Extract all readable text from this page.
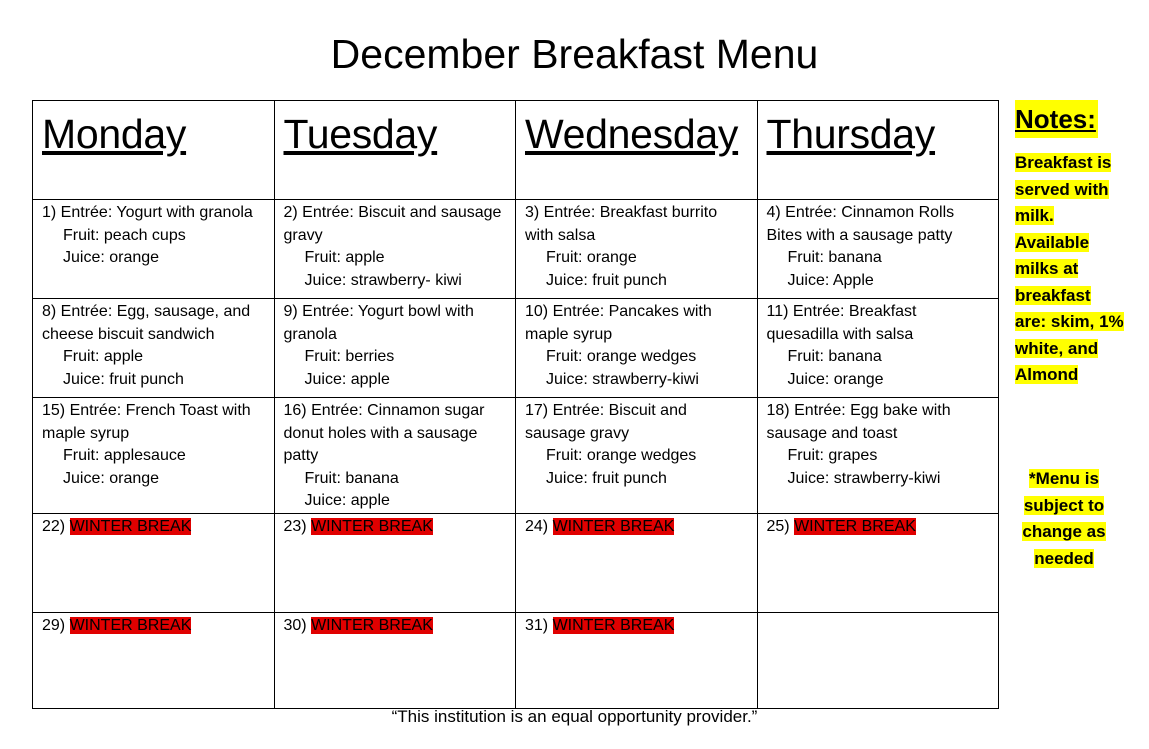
December Breakfast Menu
Monday	Tuesday	Wednesday	Thursday

1) Entrée: Yogurt with granola
Fruit: peach cups
Juice: orange	2) Entrée: Biscuit and sausage gravy
Fruit: apple
Juice: strawberry- kiwi	3) Entrée: Breakfast burrito with salsa
Fruit: orange
Juice: fruit punch	4) Entrée: Cinnamon Rolls Bites with a sausage patty
Fruit: banana
Juice: Apple

8) Entrée: Egg, sausage, and cheese biscuit sandwich
Fruit: apple
Juice: fruit punch	9) Entrée: Yogurt bowl with granola
Fruit: berries
Juice: apple	10) Entrée: Pancakes with maple syrup
Fruit: orange wedges
Juice: strawberry-kiwi	11) Entrée: Breakfast quesadilla with salsa
Fruit: banana
Juice: orange

15) Entrée: French Toast with maple syrup
Fruit: applesauce
Juice: orange	16) Entrée: Cinnamon sugar donut holes with a sausage patty
Fruit: banana
Juice: apple	17) Entrée: Biscuit and sausage gravy
Fruit: orange wedges
Juice: fruit punch	18) Entrée: Egg bake with sausage and toast
Fruit: grapes
Juice: strawberry-kiwi

22) WINTER BREAK	23) WINTER BREAK	24) WINTER BREAK	25) WINTER BREAK
29) WINTER BREAK	30) WINTER BREAK	31) WINTER BREAK	
Notes:
Breakfast is served with milk. Available milks at breakfast are: skim, 1% white, and Almond
*Menu is subject to change as needed
“This institution is an equal opportunity provider.”
